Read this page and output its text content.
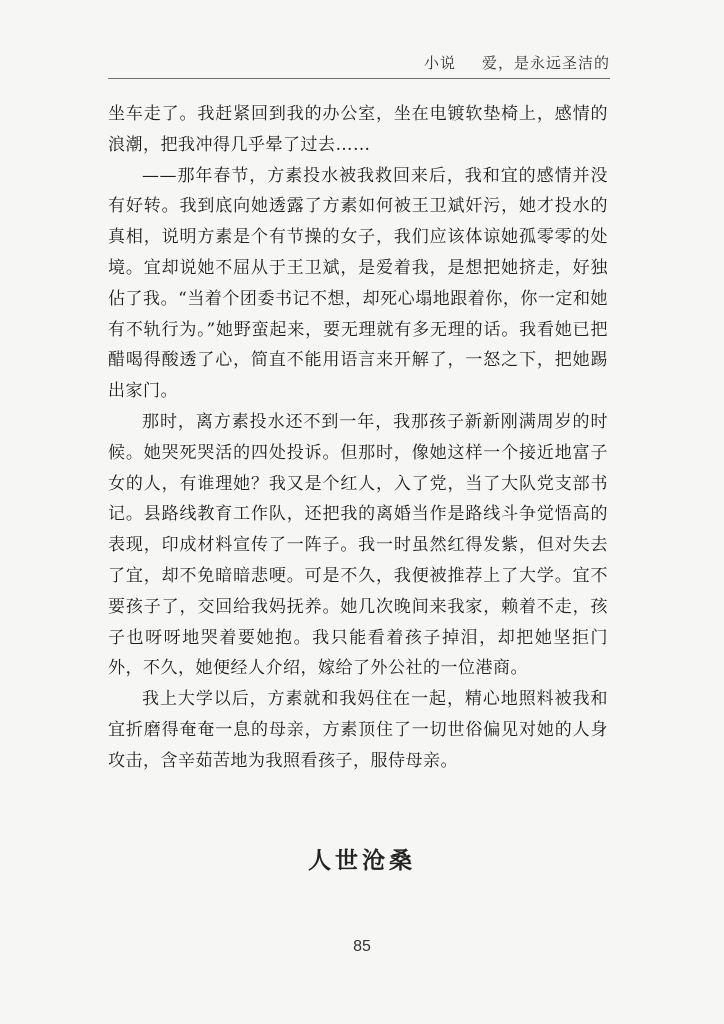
小说 爱，是永远圣洁的

坐车走了。我赶紧回到我的办公室，坐在电镀软垫椅上，感情的浪潮，把我冲得几乎晕了过去……

——那年春节，方素投水被我救回来后，我和宜的感情并没有好转。我到底向她透露了方素如何被王卫斌奸污，她才投水的真相，说明方素是个有节操的女子，我们应该体谅她孤零零的处境。宜却说她不屈从于王卫斌，是爱着我，是想把她挤走，好独佔了我。“当着个团委书记不想，却死心塌地跟着你，你一定和她有不轨行为。”她野蛮起来，要无理就有多无理的话。我看她已把醋喝得酸透了心，简直不能用语言来开解了，一怒之下，把她踢出家门。

那时，离方素投水还不到一年，我那孩子新新刚满周岁的时候。她哭死哭活的四处投诉。但那时，像她这样一个接近地富子女的人，有谁理她？我又是个红人，入了党，当了大队党支部书记。县路线教育工作队，还把我的离婚当作是路线斗争觉悟高的表现，印成材料宣传了一阵子。我一时虽然红得发紫，但对失去了宜，却不免暗暗悲哽。可是不久，我便被推荐上了大学。宜不要孩子了，交回给我妈抚养。她几次晚间来我家，赖着不走，孩子也呀呀地哭着要她抱。我只能看着孩子掉泪，却把她坚拒门外，不久，她便经人介绍，嫁给了外公社的一位港商。

我上大学以后，方素就和我妈住在一起，精心地照料被我和宜折磨得奄奄一息的母亲，方素顶住了一切世俗偏见对她的人身攻击，含辛茹苦地为我照看孩子，服侍母亲。

人世沧桑
85
